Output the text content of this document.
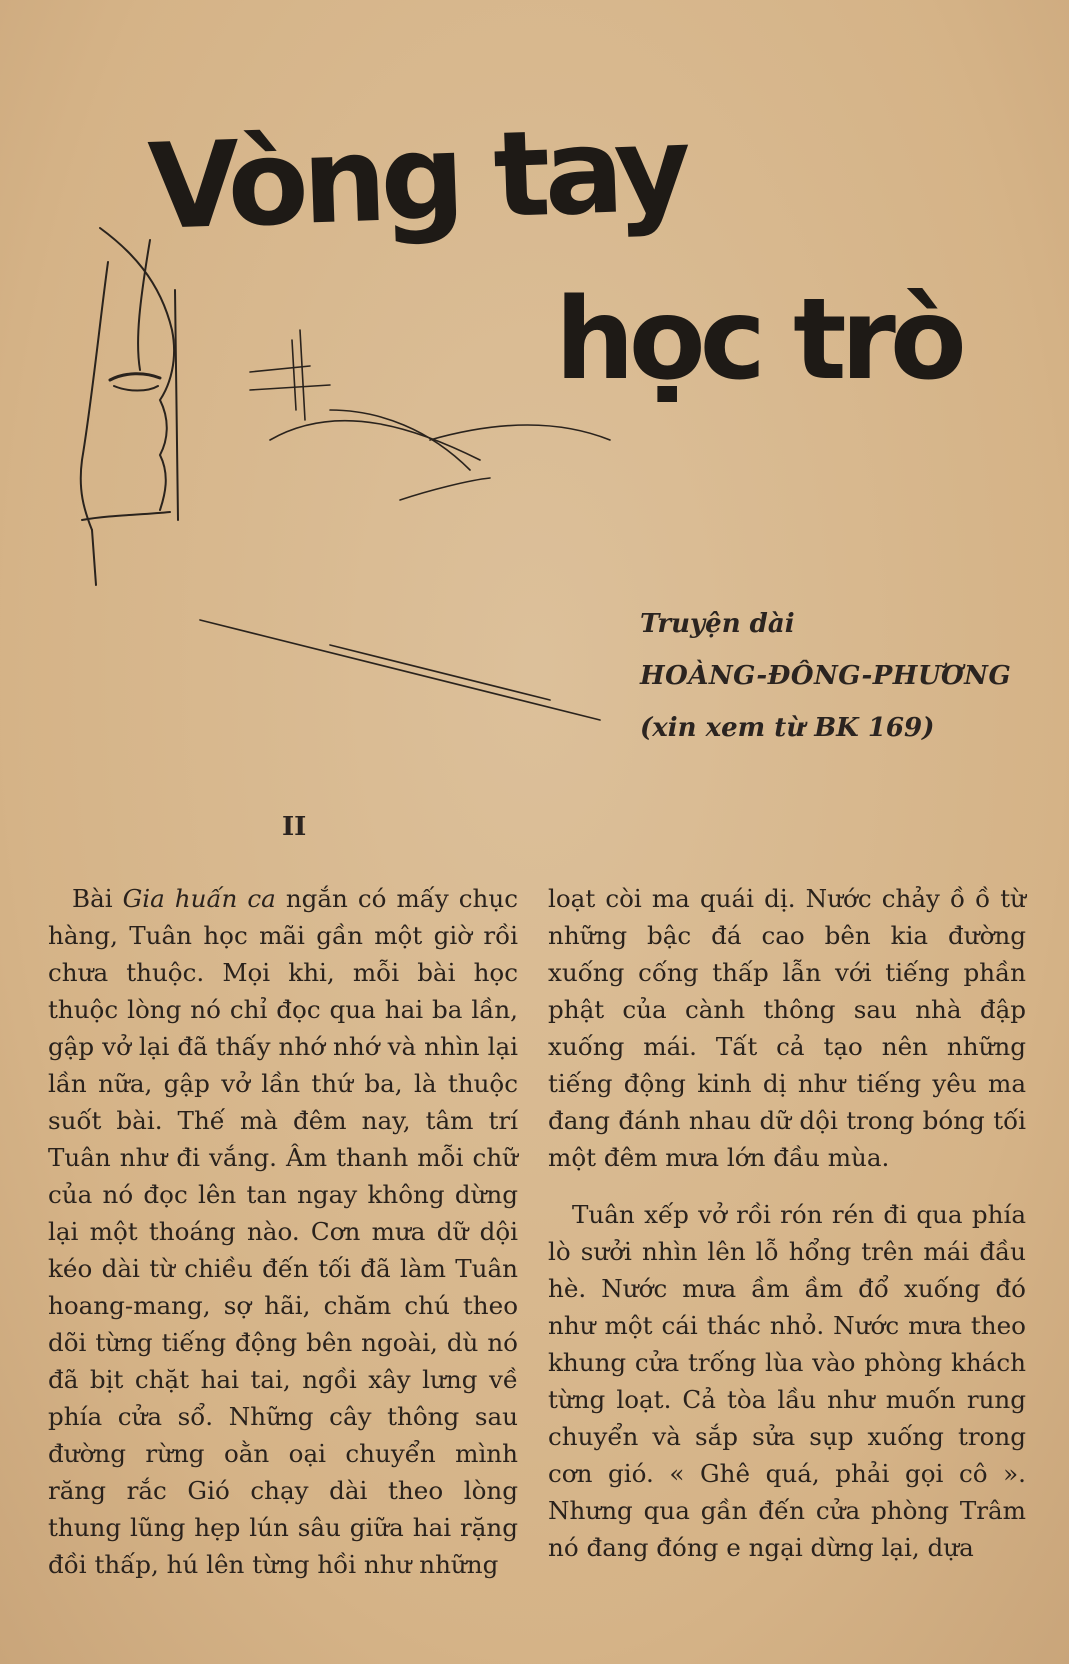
Vòng tay
học trò
Truyện dài
HOÀNG-ĐÔNG-PHƯƠNG
(xin xem từ BK 169)
II

Bài Gia huấn ca ngắn có mấy chục hàng, Tuân học mãi gần một giờ rồi chưa thuộc. Mọi khi, mỗi bài học thuộc lòng nó chỉ đọc qua hai ba lần, gập vở lại đã thấy nhớ nhớ và nhìn lại lần nữa, gập vở lần thứ ba, là thuộc suốt bài. Thế mà đêm nay, tâm trí Tuân như đi vắng. Âm thanh mỗi chữ của nó đọc lên tan ngay không dừng lại một thoáng nào. Cơn mưa dữ dội kéo dài từ chiều đến tối đã làm Tuân hoang-mang, sợ hãi, chăm chú theo dõi từng tiếng động bên ngoài, dù nó đã bịt chặt hai tai, ngồi xây lưng về phía cửa sổ. Những cây thông sau đường rừng oằn oại chuyển mình răng rắc Gió chạy dài theo lòng thung lũng hẹp lún sâu giữa hai rặng đồi thấp, hú lên từng hồi như những

loạt còi ma quái dị. Nước chảy ồ ồ từ những bậc đá cao bên kia đường xuống cống thấp lẫn với tiếng phần phật của cành thông sau nhà đập xuống mái. Tất cả tạo nên những tiếng động kinh dị như tiếng yêu ma đang đánh nhau dữ dội trong bóng tối một đêm mưa lớn đầu mùa.

Tuân xếp vở rồi rón rén đi qua phía lò sưởi nhìn lên lỗ hổng trên mái đầu hè. Nước mưa ầm ầm đổ xuống đó như một cái thác nhỏ. Nước mưa theo khung cửa trống lùa vào phòng khách từng loạt. Cả tòa lầu như muốn rung chuyển và sắp sửa sụp xuống trong cơn gió. « Ghê quá, phải gọi cô ». Nhưng qua gần đến cửa phòng Trâm nó đang đóng e ngại dừng lại, dựa
